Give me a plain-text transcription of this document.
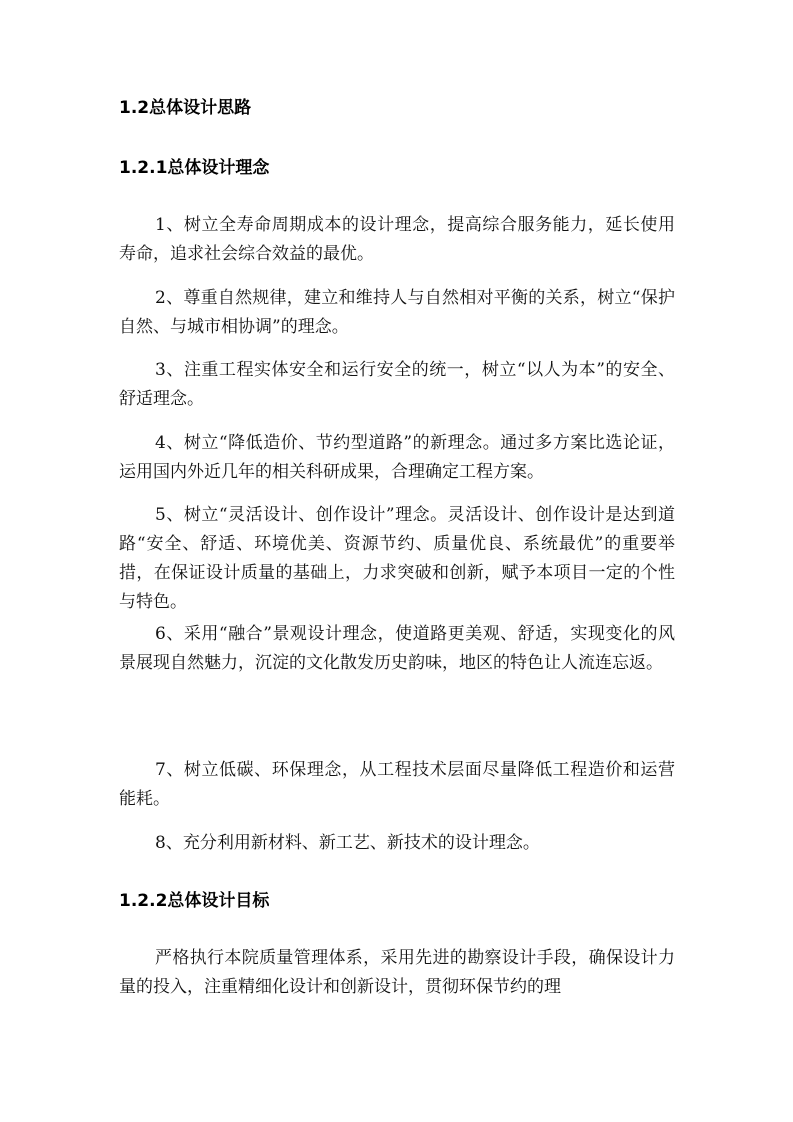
1.2总体设计思路
1.2.1总体设计理念

1、树立全寿命周期成本的设计理念，提高综合服务能力，延长使用寿命，追求社会综合效益的最优。

2、尊重自然规律，建立和维持人与自然相对平衡的关系，树立“保护自然、与城市相协调”的理念。

3、注重工程实体安全和运行安全的统一，树立“以人为本”的安全、舒适理念。

4、树立“降低造价、节约型道路”的新理念。通过多方案比选论证，运用国内外近几年的相关科研成果，合理确定工程方案。

5、树立“灵活设计、创作设计”理念。灵活设计、创作设计是达到道路“安全、舒适、环境优美、资源节约、质量优良、系统最优”的重要举措，在保证设计质量的基础上，力求突破和创新，赋予本项目一定的个性与特色。

6、采用“融合”景观设计理念，使道路更美观、舒适，实现变化的风景展现自然魅力，沉淀的文化散发历史韵味，地区的特色让人流连忘返。

7、树立低碳、环保理念，从工程技术层面尽量降低工程造价和运营能耗。

8、充分利用新材料、新工艺、新技术的设计理念。

1.2.2总体设计目标

严格执行本院质量管理体系，采用先进的勘察设计手段，确保设计力量的投入，注重精细化设计和创新设计，贯彻环保节约的理
